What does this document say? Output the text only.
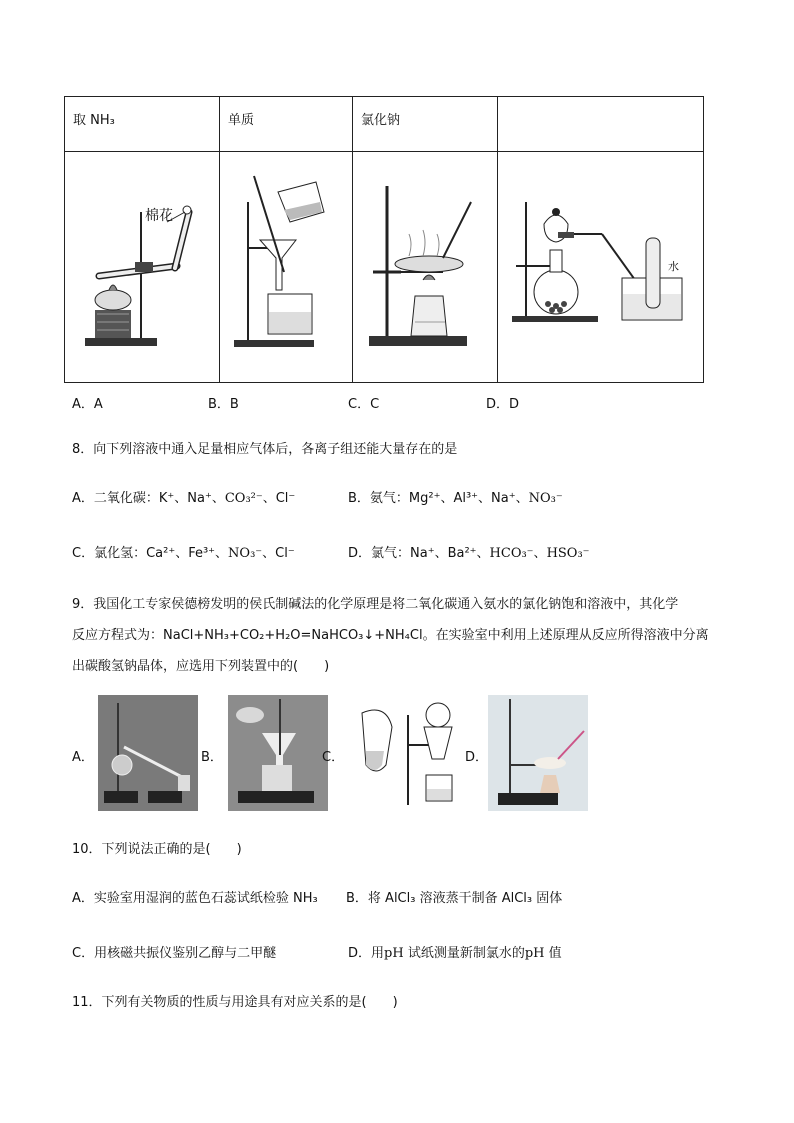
取 NH₃	单质	氯化钠	

棉花			水
A．A	B．B	C．C	D．D
8．向下列溶液中通入足量相应气体后，各离子组还能大量存在的是
A．二氧化碳：K⁺、Na⁺、CO₃²⁻、Cl⁻	B．氨气：Mg²⁺、Al³⁺、Na⁺、NO₃⁻
C．氯化氢：Ca²⁺、Fe³⁺、NO₃⁻、Cl⁻	D．氯气：Na⁺、Ba²⁺、HCO₃⁻、HSO₃⁻
9．我国化工专家侯德榜发明的侯氏制碱法的化学原理是将二氧化碳通入氨水的氯化钠饱和溶液中，其化学
反应方程式为：NaCl+NH₃+CO₂+H₂O=NaHCO₃↓+NH₄Cl。在实验室中利用上述原理从反应所得溶液中分离
出碳酸氢钠晶体，应选用下列装置中的(　　)
A．	B．	C．	D．
10．下列说法正确的是(　　)
A．实验室用湿润的蓝色石蕊试纸检验 NH₃ B．将 AlCl₃ 溶液蒸干制备 AlCl₃ 固体
C．用核磁共振仪鉴别乙醇与二甲醚	D．用pH 试纸测量新制氯水的pH 值
11．下列有关物质的性质与用途具有对应关系的是(　　)
